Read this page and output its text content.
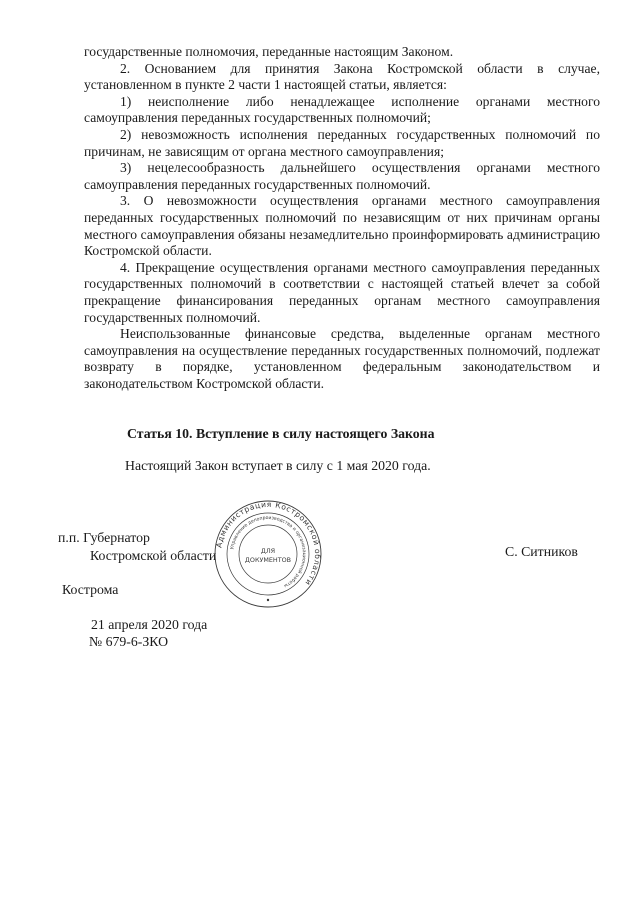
государственные полномочия, переданные настоящим Законом.

2. Основанием для принятия Закона Костромской области в случае, установленном в пункте 2 части 1 настоящей статьи, является:

1) неисполнение либо ненадлежащее исполнение органами местного самоуправления переданных государственных полномочий;

2) невозможность исполнения переданных государственных полномочий по причинам, не зависящим от органа местного самоуправления;

3) нецелесообразность дальнейшего осуществления органами местного самоуправления переданных государственных полномочий.

3. О невозможности осуществления органами местного самоуправления переданных государственных полномочий по независящим от них причинам органы местного самоуправления обязаны незамедлительно проинформировать администрацию Костромской области.

4. Прекращение осуществления органами местного самоуправления переданных государственных полномочий в соответствии с настоящей статьей влечет за собой прекращение финансирования переданных органам местного самоуправления государственных полномочий.

Неиспользованные финансовые средства, выделенные органам местного самоуправления на осуществление переданных государственных полномочий, подлежат возврату в порядке, установленном федеральным законодательством и законодательством Костромской области.

Статья 10. Вступление в силу настоящего Закона
Настоящий Закон вступает в силу с 1 мая 2020 года.
п.п. Губернатор
Костромской области	С. Ситников
Администрация Костромской области
Управление делопроизводства и организационной работы
ДЛЯ
ДОКУМЕНТОВ
Кострома
21 апреля 2020 года
№ 679-6-ЗКО
